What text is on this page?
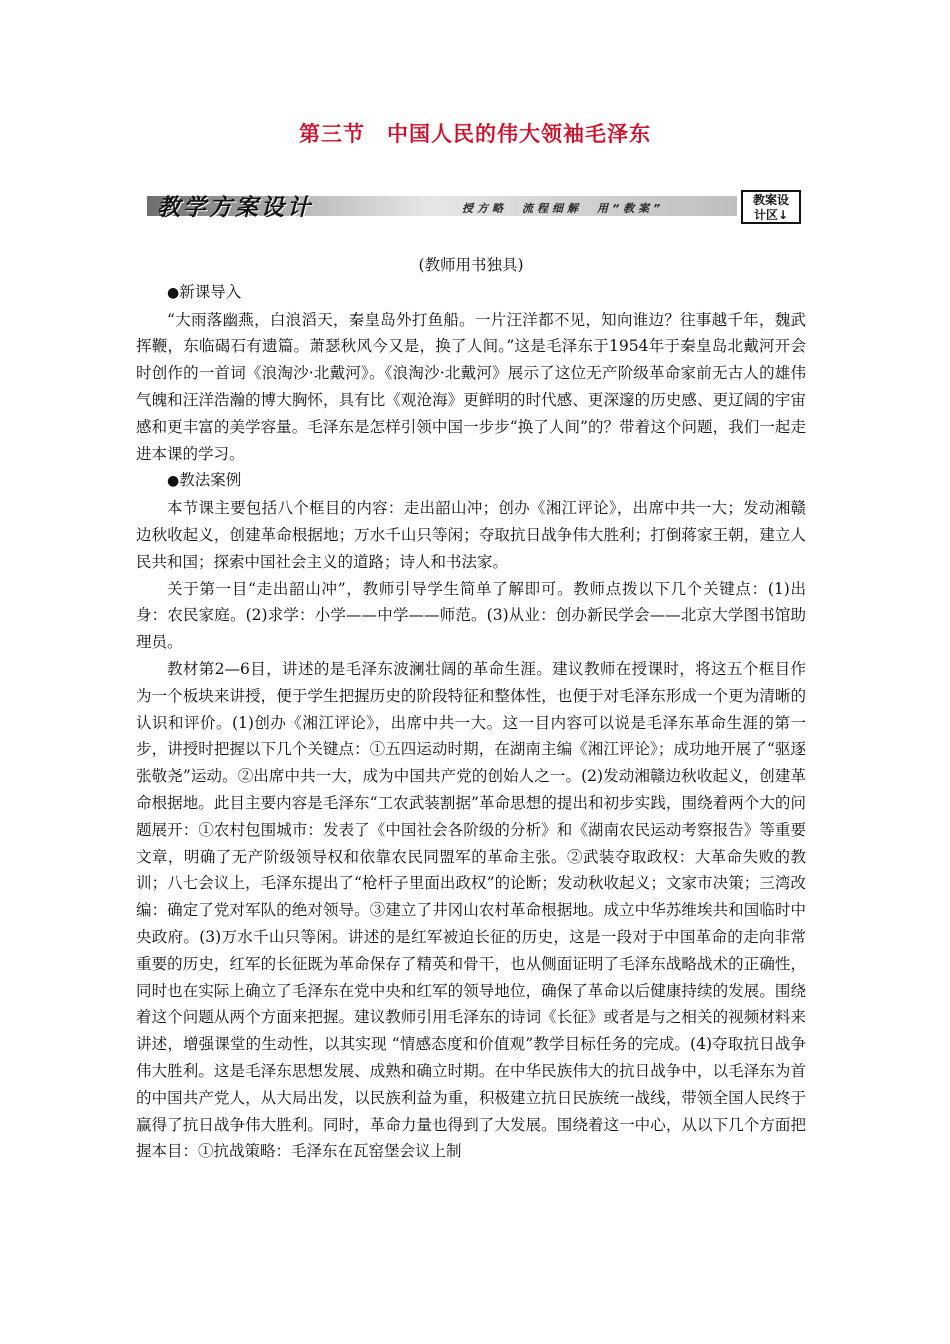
第三节　中国人民的伟大领袖毛泽东
教学方案设计	授方略　流程细解　用“教案”
教案设
计区↓
(教师用书独具)
●新课导入

“大雨落幽燕，白浪滔天，秦皇岛外打鱼船。一片汪洋都不见，知向谁边？往事越千年，魏武挥鞭，东临碣石有遗篇。萧瑟秋风今又是，换了人间。”这是毛泽东于1954年于秦皇岛北戴河开会时创作的一首词《浪淘沙·北戴河》。《浪淘沙·北戴河》展示了这位无产阶级革命家前无古人的雄伟气魄和汪洋浩瀚的博大胸怀，具有比《观沧海》更鲜明的时代感、更深邃的历史感、更辽阔的宇宙感和更丰富的美学容量。毛泽东是怎样引领中国一步步“换了人间”的？带着这个问题，我们一起走进本课的学习。

●教法案例

本节课主要包括八个框目的内容：走出韶山冲；创办《湘江评论》，出席中共一大；发动湘赣边秋收起义，创建革命根据地；万水千山只等闲；夺取抗日战争伟大胜利；打倒蒋家王朝，建立人民共和国；探索中国社会主义的道路；诗人和书法家。

关于第一目“走出韶山冲”，教师引导学生简单了解即可。教师点拨以下几个关键点：(1)出身：农民家庭。(2)求学：小学——中学——师范。(3)从业：创办新民学会——北京大学图书馆助理员。

教材第2—6目，讲述的是毛泽东波澜壮阔的革命生涯。建议教师在授课时，将这五个框目作为一个板块来讲授，便于学生把握历史的阶段特征和整体性，也便于对毛泽东形成一个更为清晰的认识和评价。(1)创办《湘江评论》，出席中共一大。这一目内容可以说是毛泽东革命生涯的第一步，讲授时把握以下几个关键点：①五四运动时期，在湖南主编《湘江评论》；成功地开展了“驱逐张敬尧”运动。②出席中共一大，成为中国共产党的创始人之一。(2)发动湘赣边秋收起义，创建革命根据地。此目主要内容是毛泽东“工农武装割据”革命思想的提出和初步实践，围绕着两个大的问题展开：①农村包围城市：发表了《中国社会各阶级的分析》和《湖南农民运动考察报告》等重要文章，明确了无产阶级领导权和依靠农民同盟军的革命主张。②武装夺取政权：大革命失败的教训；八七会议上，毛泽东提出了“枪杆子里面出政权”的论断；发动秋收起义；文家市决策；三湾改编：确定了党对军队的绝对领导。③建立了井冈山农村革命根据地。成立中华苏维埃共和国临时中央政府。(3)万水千山只等闲。讲述的是红军被迫长征的历史，这是一段对于中国革命的走向非常重要的历史，红军的长征既为革命保存了精英和骨干，也从侧面证明了毛泽东战略战术的正确性，同时也在实际上确立了毛泽东在党中央和红军的领导地位，确保了革命以后健康持续的发展。围绕着这个问题从两个方面来把握。建议教师引用毛泽东的诗词《长征》或者是与之相关的视频材料来讲述，增强课堂的生动性，以其实现 “情感态度和价值观”教学目标任务的完成。(4)夺取抗日战争伟大胜利。这是毛泽东思想发展、成熟和确立时期。在中华民族伟大的抗日战争中，以毛泽东为首的中国共产党人，从大局出发，以民族利益为重，积极建立抗日民族统一战线，带领全国人民终于赢得了抗日战争伟大胜利。同时，革命力量也得到了大发展。围绕着这一中心，从以下几个方面把握本目：①抗战策略：毛泽东在瓦窑堡会议上制
